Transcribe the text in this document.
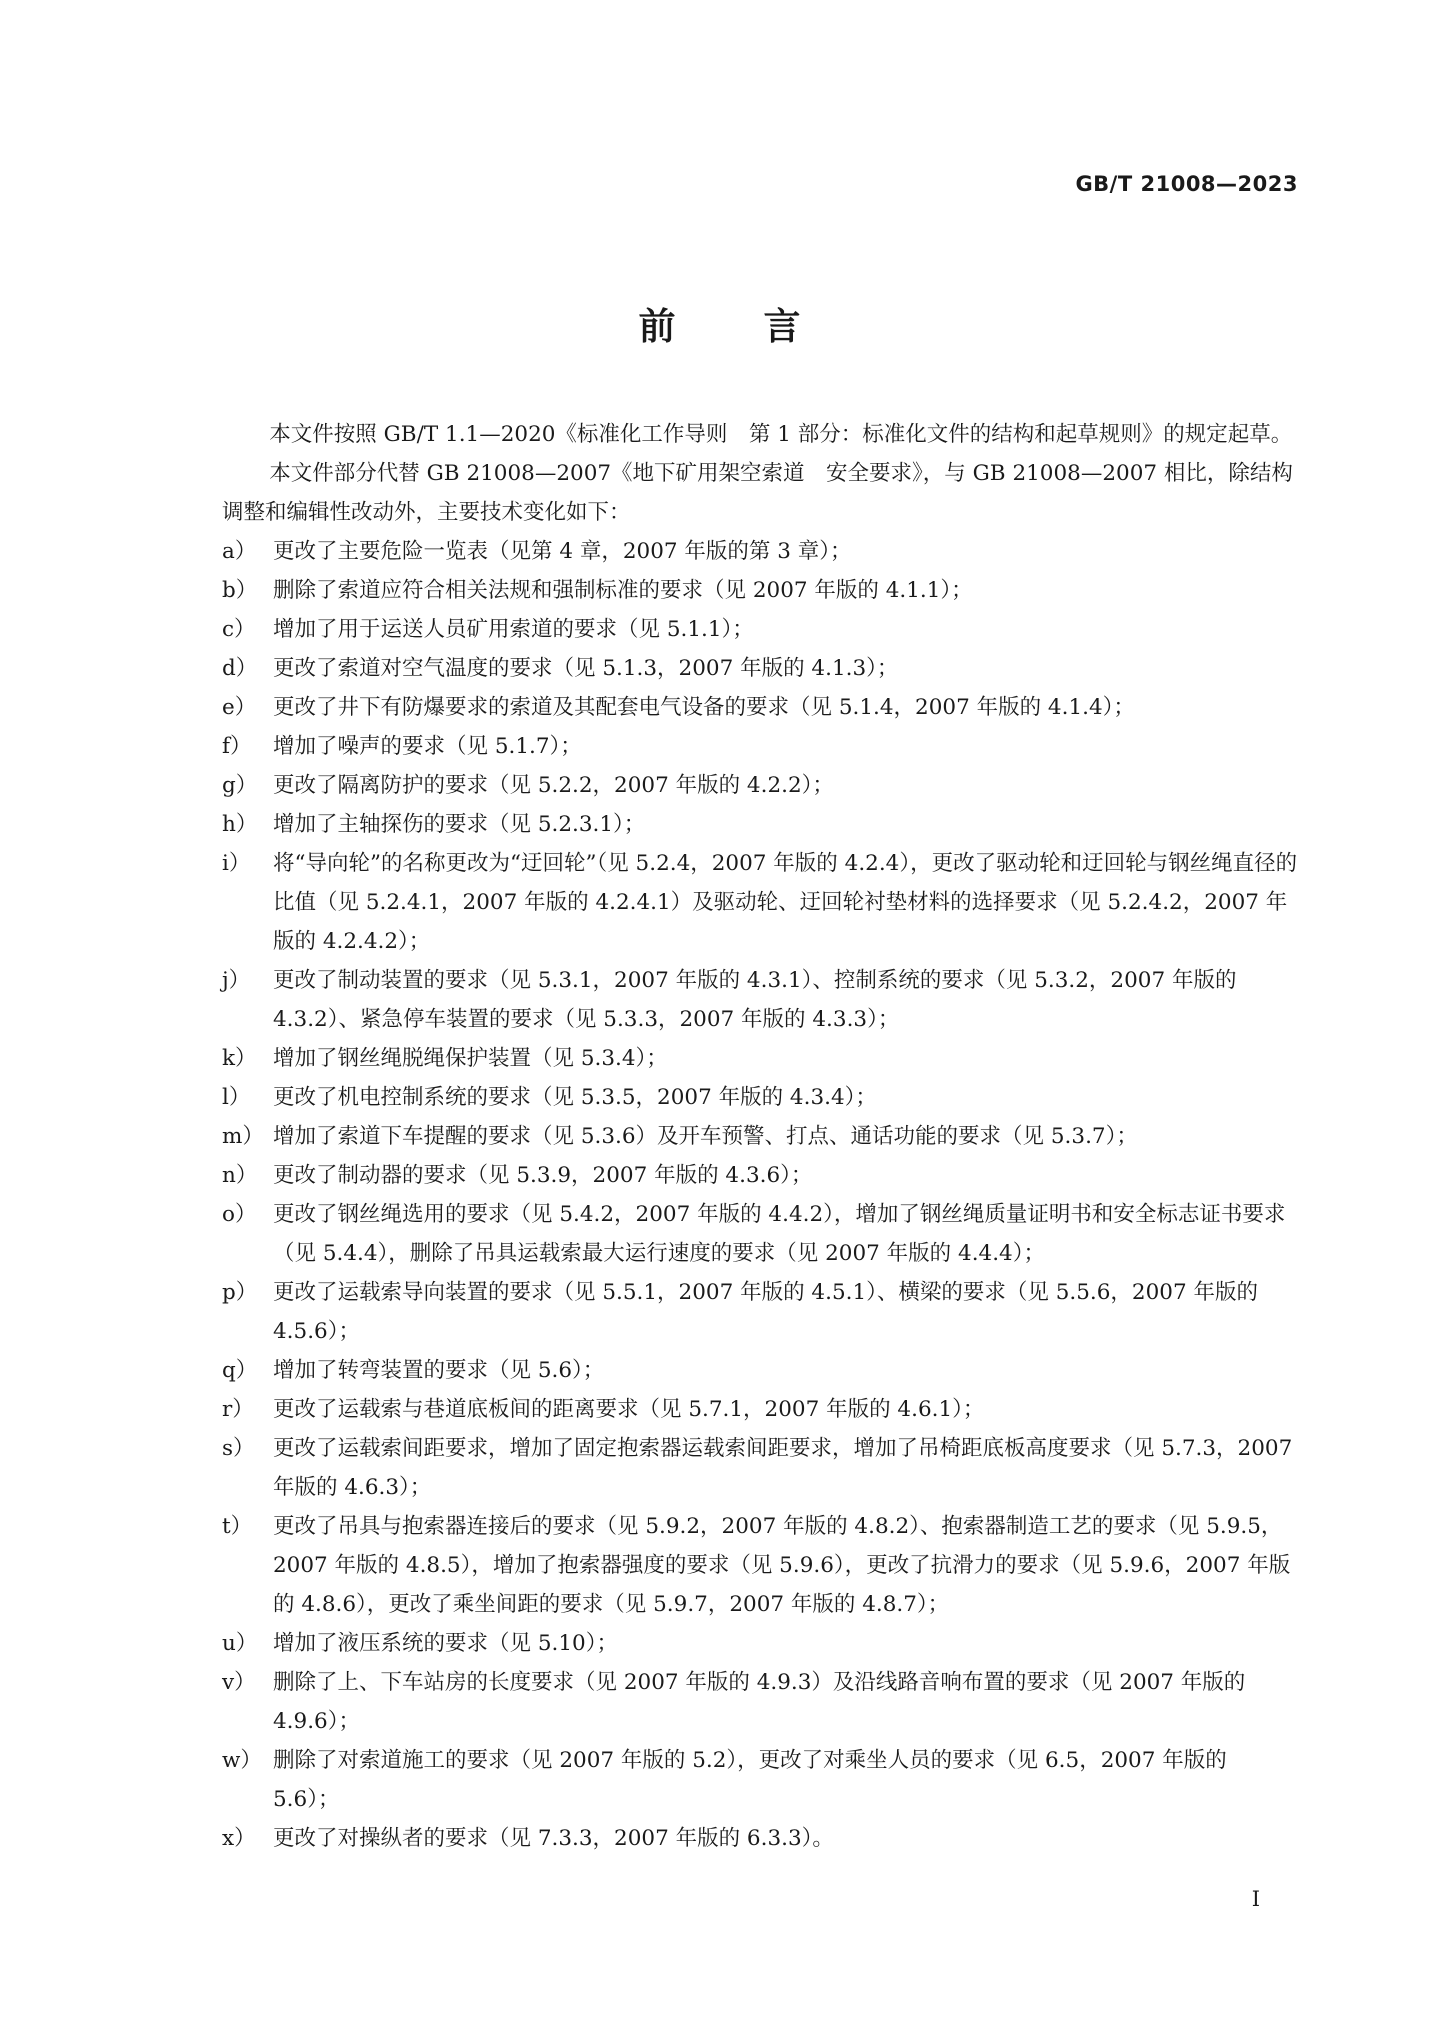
GB/T 21008—2023
前 言

本文件按照 GB/T 1.1—2020《标准化工作导则　第 1 部分：标准化文件的结构和起草规则》的规定起草。

本文件部分代替 GB 21008—2007《地下矿用架空索道　安全要求》，与 GB 21008—2007 相比，除结构调整和编辑性改动外，主要技术变化如下：

a） 更改了主要危险一览表（见第 4 章，2007 年版的第 3 章）；

b） 删除了索道应符合相关法规和强制标准的要求（见 2007 年版的 4.1.1）；

c） 增加了用于运送人员矿用索道的要求（见 5.1.1）；

d） 更改了索道对空气温度的要求（见 5.1.3，2007 年版的 4.1.3）；

e） 更改了井下有防爆要求的索道及其配套电气设备的要求（见 5.1.4，2007 年版的 4.1.4）；

f） 增加了噪声的要求（见 5.1.7）；

g） 更改了隔离防护的要求（见 5.2.2，2007 年版的 4.2.2）；

h） 增加了主轴探伤的要求（见 5.2.3.1）；

i） 将“导向轮”的名称更改为“迂回轮”（见 5.2.4，2007 年版的 4.2.4），更改了驱动轮和迂回轮与钢丝绳直径的比值（见 5.2.4.1，2007 年版的 4.2.4.1）及驱动轮、迂回轮衬垫材料的选择要求（见 5.2.4.2，2007 年版的 4.2.4.2）；

j） 更改了制动装置的要求（见 5.3.1，2007 年版的 4.3.1）、控制系统的要求（见 5.3.2，2007 年版的 4.3.2）、紧急停车装置的要求（见 5.3.3，2007 年版的 4.3.3）；

k） 增加了钢丝绳脱绳保护装置（见 5.3.4）；

l） 更改了机电控制系统的要求（见 5.3.5，2007 年版的 4.3.4）；

m） 增加了索道下车提醒的要求（见 5.3.6）及开车预警、打点、通话功能的要求（见 5.3.7）；

n） 更改了制动器的要求（见 5.3.9，2007 年版的 4.3.6）；

o） 更改了钢丝绳选用的要求（见 5.4.2，2007 年版的 4.4.2），增加了钢丝绳质量证明书和安全标志证书要求（见 5.4.4），删除了吊具运载索最大运行速度的要求（见 2007 年版的 4.4.4）；

p） 更改了运载索导向装置的要求（见 5.5.1，2007 年版的 4.5.1）、横梁的要求（见 5.5.6，2007 年版的 4.5.6）；

q） 增加了转弯装置的要求（见 5.6）；

r） 更改了运载索与巷道底板间的距离要求（见 5.7.1，2007 年版的 4.6.1）；

s） 更改了运载索间距要求，增加了固定抱索器运载索间距要求，增加了吊椅距底板高度要求（见 5.7.3，2007 年版的 4.6.3）；

t） 更改了吊具与抱索器连接后的要求（见 5.9.2，2007 年版的 4.8.2）、抱索器制造工艺的要求（见 5.9.5，2007 年版的 4.8.5），增加了抱索器强度的要求（见 5.9.6），更改了抗滑力的要求（见 5.9.6，2007 年版的 4.8.6），更改了乘坐间距的要求（见 5.9.7，2007 年版的 4.8.7）；

u） 增加了液压系统的要求（见 5.10）；

v） 删除了上、下车站房的长度要求（见 2007 年版的 4.9.3）及沿线路音响布置的要求（见 2007 年版的 4.9.6）；

w） 删除了对索道施工的要求（见 2007 年版的 5.2），更改了对乘坐人员的要求（见 6.5，2007 年版的 5.6）；

x） 更改了对操纵者的要求（见 7.3.3，2007 年版的 6.3.3）。

I
